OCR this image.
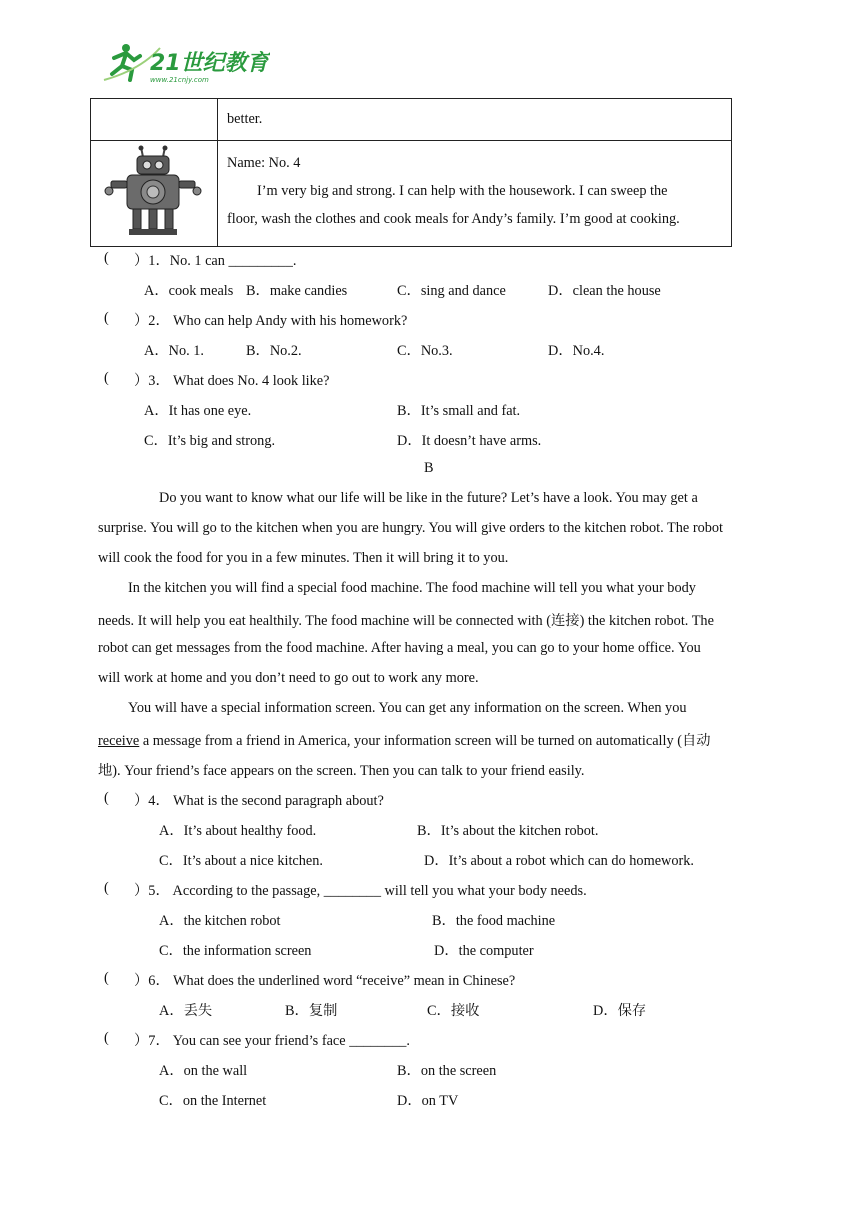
21世纪教育
www.21cnjy.com

	better.

Name: No. 4
I’m very big and strong. I can help with the housework. I can sweep the
floor, wash the clothes and cook meals for Andy’s family. I’m good at cooking.
( ）1．No. 1 can _________.
A．cook meals B．make candies	C．sing and dance	D．clean the house
( ）2． Who can help Andy with his homework?
A．No. 1.	B．No.2.	C．No.3.	D．No.4.
( ）3． What does No. 4 look like?
A．It has one eye.	B．It’s small and fat.
C．It’s big and strong.	D．It doesn’t have arms.
B
Do you want to know what our life will be like in the future? Let’s have a look. You may get a
surprise. You will go to the kitchen when you are hungry. You will give orders to the kitchen robot. The robot
will cook the food for you in a few minutes. Then it will bring it to you.
In the kitchen you will find a special food machine. The food machine will tell you what your body
needs. It will help you eat healthily. The food machine will be connected with (连接) the kitchen robot. The
robot can get messages from the food machine. After having a meal, you can go to your home office. You
will work at home and you don’t need to go out to work any more.
You will have a special information screen. You can get any information on the screen. When you
receive a message from a friend in America, your information screen will be turned on automatically (自动
地). Your friend’s face appears on the screen. Then you can talk to your friend easily.
( ）4． What is the second paragraph about?
A．It’s about healthy food.	B．It’s about the kitchen robot.
C．It’s about a nice kitchen.	D．It’s about a robot which can do homework.
( ）5． According to the passage, ________ will tell you what your body needs.
A．the kitchen robot	B．the food machine
C．the information screen	D．the computer
( ）6． What does the underlined word “receive” mean in Chinese?
A．丢失	B．复制	C．接收	D．保存
( ）7． You can see your friend’s face ________.
A．on the wall	B．on the screen
C．on the Internet	D．on TV
